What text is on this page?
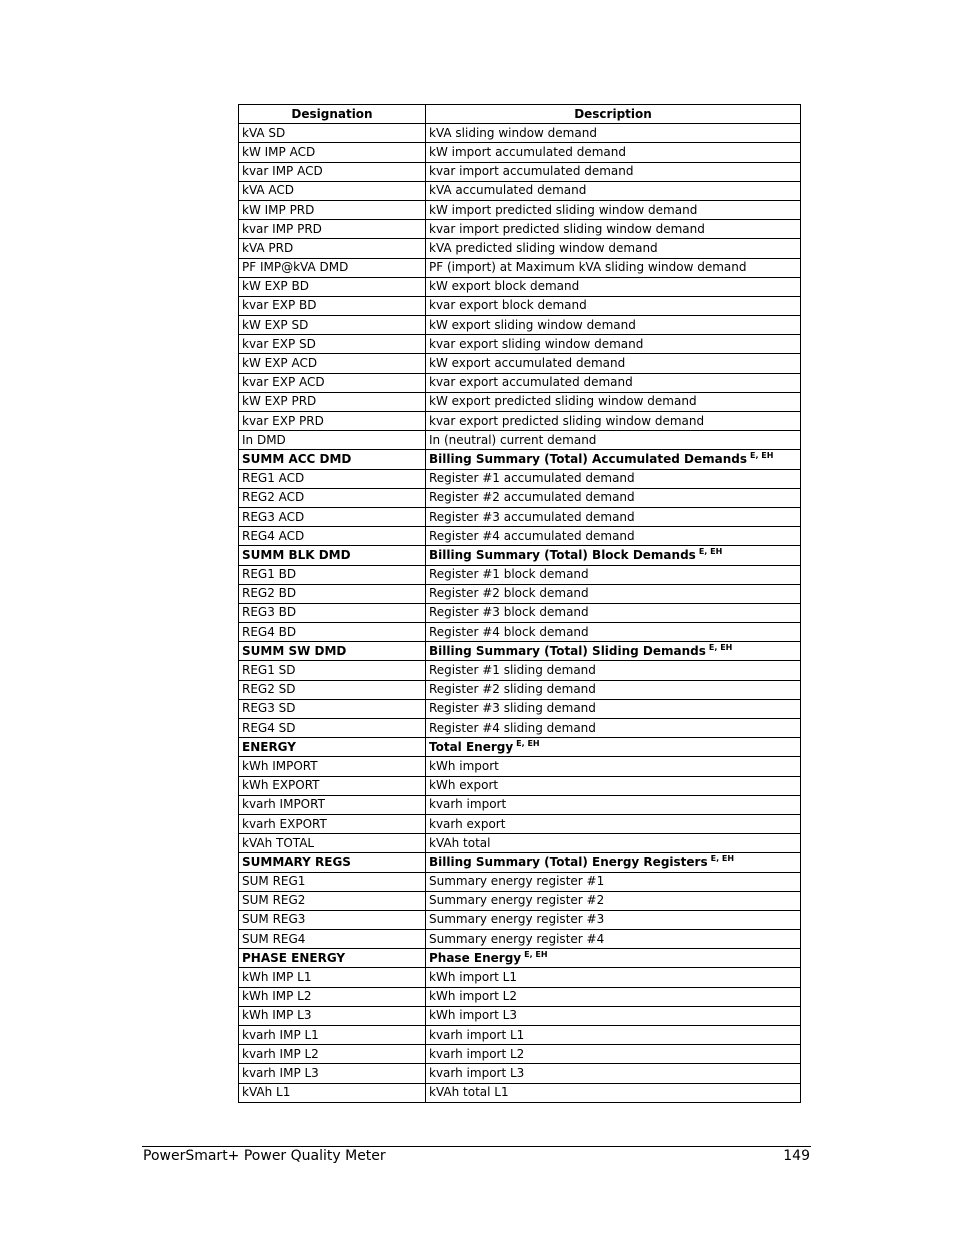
Designation	Description
kVA SD	kVA sliding window demand
kW IMP ACD	kW import accumulated demand
kvar IMP ACD	kvar import accumulated demand
kVA ACD	kVA accumulated demand
kW IMP PRD	kW import predicted sliding window demand
kvar IMP PRD	kvar import predicted sliding window demand
kVA PRD	kVA predicted sliding window demand
PF IMP@kVA DMD	PF (import) at Maximum kVA sliding window demand
kW EXP BD	kW export block demand
kvar EXP BD	kvar export block demand
kW EXP SD	kW export sliding window demand
kvar EXP SD	kvar export sliding window demand
kW EXP ACD	kW export accumulated demand
kvar EXP ACD	kvar export accumulated demand
kW EXP PRD	kW export predicted sliding window demand
kvar EXP PRD	kvar export predicted sliding window demand
In DMD	In (neutral) current demand
SUMM ACC DMD	Billing Summary (Total) Accumulated Demands $^{E, EH}$
REG1 ACD	Register #1 accumulated demand
REG2 ACD	Register #2 accumulated demand
REG3 ACD	Register #3 accumulated demand
REG4 ACD	Register #4 accumulated demand
SUMM BLK DMD	Billing Summary (Total) Block Demands $^{E, EH}$
REG1 BD	Register #1 block demand
REG2 BD	Register #2 block demand
REG3 BD	Register #3 block demand
REG4 BD	Register #4 block demand
SUMM SW DMD	Billing Summary (Total) Sliding Demands $^{E, EH}$
REG1 SD	Register #1 sliding demand
REG2 SD	Register #2 sliding demand
REG3 SD	Register #3 sliding demand
REG4 SD	Register #4 sliding demand
ENERGY	Total Energy $^{E, EH}$
kWh IMPORT	kWh import
kWh EXPORT	kWh export
kvarh IMPORT	kvarh import
kvarh EXPORT	kvarh export
kVAh TOTAL	kVAh total
SUMMARY REGS	Billing Summary (Total) Energy Registers $^{E, EH}$
SUM REG1	Summary energy register #1
SUM REG2	Summary energy register #2
SUM REG3	Summary energy register #3
SUM REG4	Summary energy register #4
PHASE ENERGY	Phase Energy $^{E, EH}$
kWh IMP L1	kWh import L1
kWh IMP L2	kWh import L2
kWh IMP L3	kWh import L3
kvarh IMP L1	kvarh import L1
kvarh IMP L2	kvarh import L2
kvarh IMP L3	kvarh import L3
kVAh L1	kVAh total L1
PowerSmart+ Power Quality Meter	149
